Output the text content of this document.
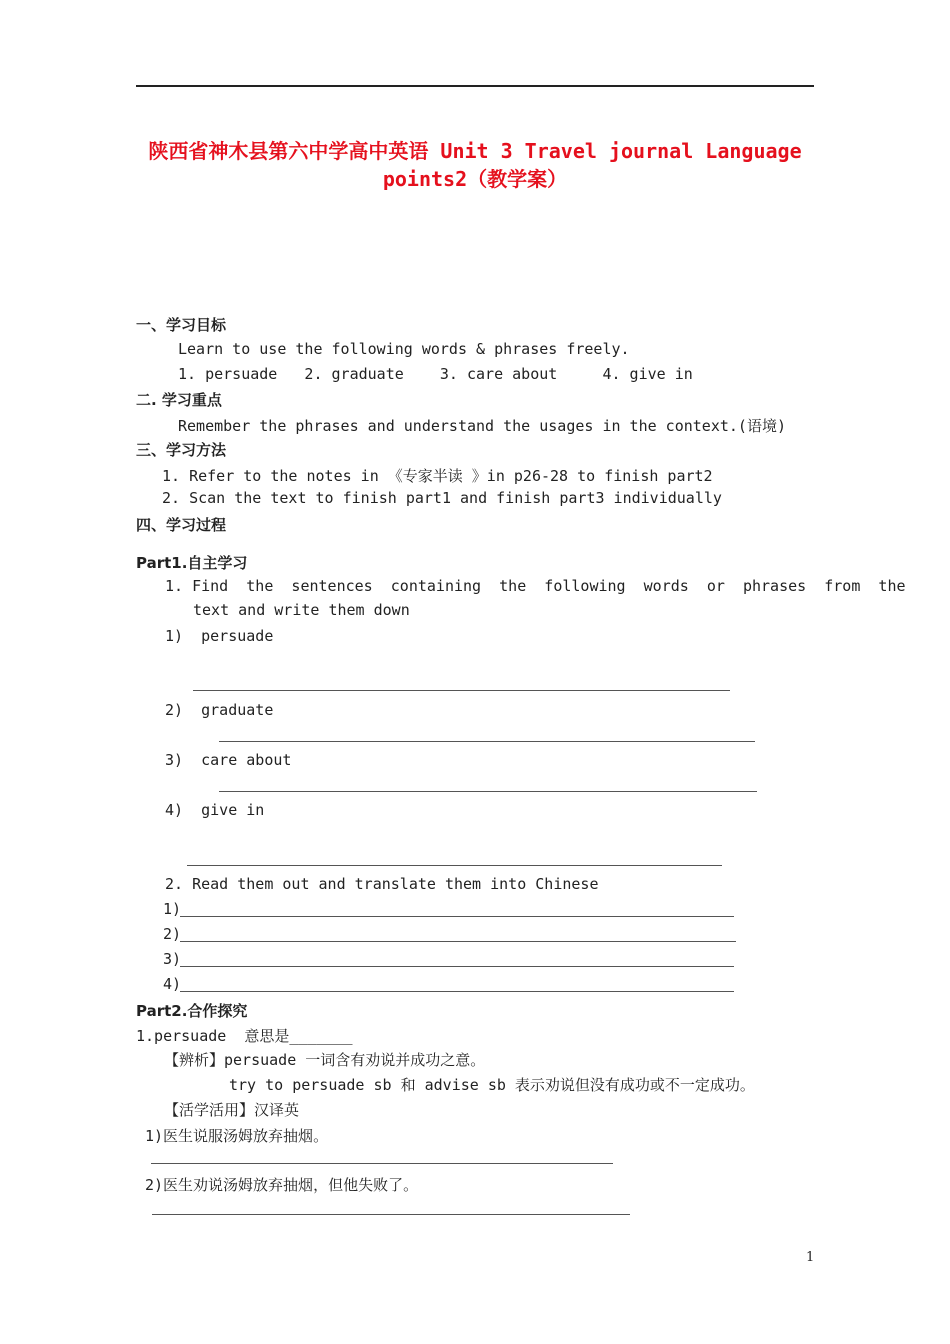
陕西省神木县第六中学高中英语 Unit 3 Travel journal Language points2（教学案）
一、学习目标
Learn to use the following words & phrases freely.
1. persuade   2. graduate    3. care about     4. give in
二. 学习重点
Remember the phrases and understand the usages in the context.(语境)
三、学习方法
1. Refer to the notes in 《专家半读 》in p26-28 to finish part2
2. Scan the text to finish part1 and finish part3 individually
四、学习过程
Part1.自主学习
1. Find  the  sentences  containing  the  following  words  or  phrases  from  the
text and write them down
1)  persuade
2)  graduate
3)  care about
4)  give in
2. Read them out and translate them into Chinese
1)
2)
3)
4)
Part2.合作探究
1.persuade  意思是_______
【辨析】persuade 一词含有劝说并成功之意。
try to persuade sb 和 advise sb 表示劝说但没有成功或不一定成功。
【活学活用】汉译英
1)医生说服汤姆放弃抽烟。
2)医生劝说汤姆放弃抽烟，但他失败了。
1
